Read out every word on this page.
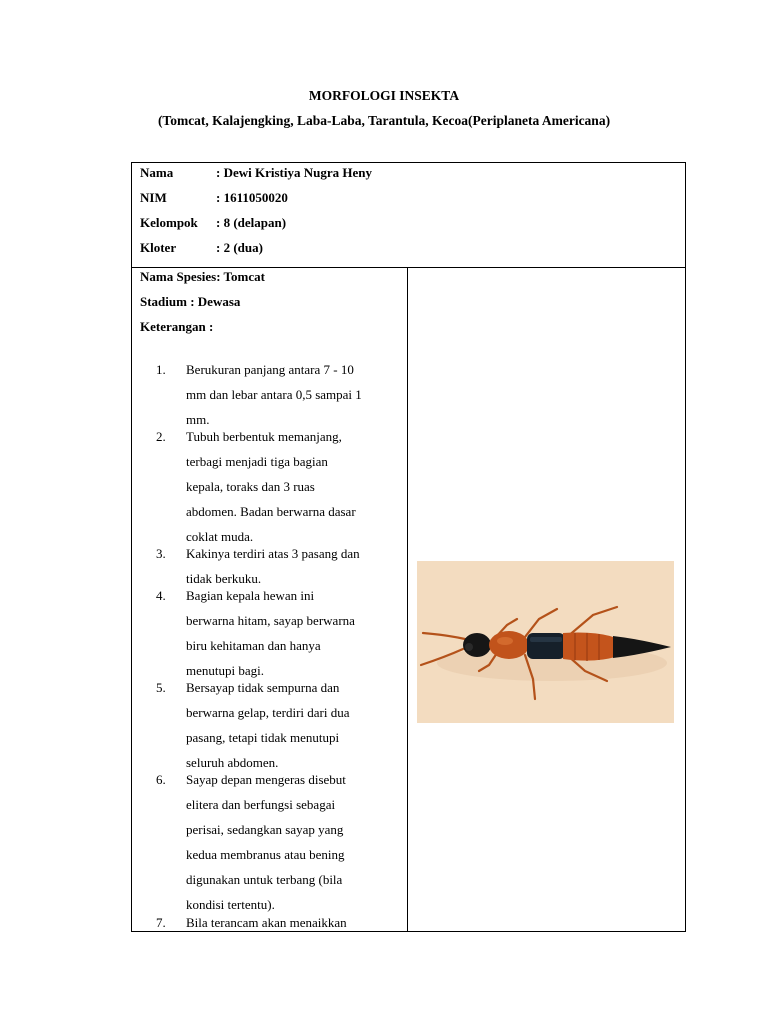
MORFOLOGI INSEKTA
(Tomcat, Kalajengking, Laba-Laba, Tarantula, Kecoa(Periplaneta Americana)
Nama	: Dewi Kristiya Nugra Heny
NIM	: 1611050020
Kelompok : 8 (delapan)
Kloter	: 2 (dua)
Nama Spesies: Tomcat
Stadium : Dewasa
Keterangan :
1. Berukuran panjang antara 7 - 10
mm dan lebar antara 0,5 sampai 1
mm.
2. Tubuh berbentuk memanjang,
terbagi menjadi tiga bagian
kepala, toraks dan 3 ruas
abdomen. Badan berwarna dasar
coklat muda.
3. Kakinya terdiri atas 3 pasang dan
tidak berkuku.
4. Bagian kepala hewan ini
berwarna hitam, sayap berwarna
biru kehitaman dan hanya
menutupi bagi.
5. Bersayap tidak sempurna dan
berwarna gelap, terdiri dari dua
pasang, tetapi tidak menutupi
seluruh abdomen.
6. Sayap depan mengeras disebut
elitera dan berfungsi sebagai
perisai, sedangkan sayap yang
kedua membranus atau bening
digunakan untuk terbang (bila
kondisi tertentu).
7. Bila terancam akan menaikkan
